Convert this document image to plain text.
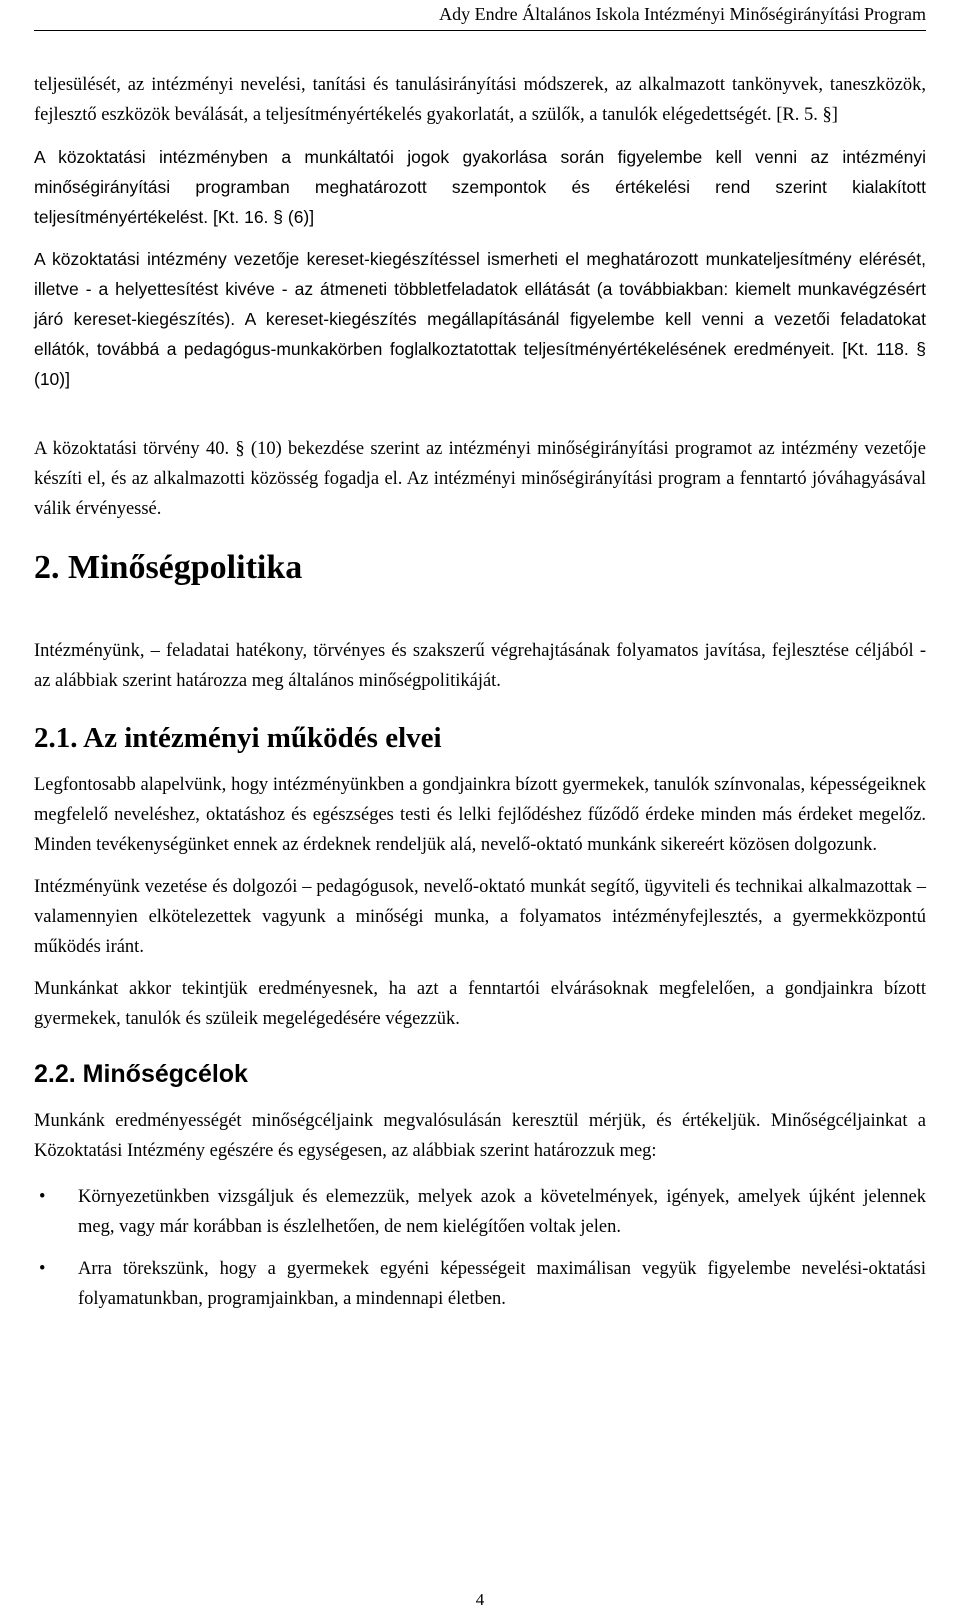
Ady Endre Általános Iskola Intézményi Minőségirányítási Program

teljesülését, az intézményi nevelési, tanítási és tanulásirányítási módszerek, az alkalmazott tankönyvek, taneszközök, fejlesztő eszközök beválását, a teljesítményértékelés gyakorlatát, a szülők, a tanulók elégedettségét. [R. 5. §]

A közoktatási intézményben a munkáltatói jogok gyakorlása során figyelembe kell venni az intézményi minőségirányítási programban meghatározott szempontok és értékelési rend szerint kialakított teljesítményértékelést. [Kt. 16. § (6)]

A közoktatási intézmény vezetője kereset-kiegészítéssel ismerheti el meghatározott munkateljesítmény elérését, illetve - a helyettesítést kivéve - az átmeneti többletfeladatok ellátását (a továbbiakban: kiemelt munkavégzésért járó kereset-kiegészítés). A kereset-kiegészítés megállapításánál figyelembe kell venni a vezetői feladatokat ellátók, továbbá a pedagógus-munkakörben foglalkoztatottak teljesítményértékelésének eredményeit. [Kt. 118. § (10)]

A közoktatási törvény 40. § (10) bekezdése szerint az intézményi minőségirányítási programot az intézmény vezetője készíti el, és az alkalmazotti közösség fogadja el. Az intézményi minőségirányítási program a fenntartó jóváhagyásával válik érvényessé.

2. Minőségpolitika

Intézményünk, – feladatai hatékony, törvényes és szakszerű végrehajtásának folyamatos javítása, fejlesztése céljából - az alábbiak szerint határozza meg általános minőségpolitikáját.

2.1. Az intézményi működés elvei

Legfontosabb alapelvünk, hogy intézményünkben a gondjainkra bízott gyermekek, tanulók színvonalas, képességeiknek megfelelő neveléshez, oktatáshoz és egészséges testi és lelki fejlődéshez fűződő érdeke minden más érdeket megelőz. Minden tevékenységünket ennek az érdeknek rendeljük alá, nevelő-oktató munkánk sikereért közösen dolgozunk.

Intézményünk vezetése és dolgozói – pedagógusok, nevelő-oktató munkát segítő, ügyviteli és technikai alkalmazottak – valamennyien elkötelezettek vagyunk a minőségi munka, a folyamatos intézményfejlesztés, a gyermekközpontú működés iránt.

Munkánkat akkor tekintjük eredményesnek, ha azt a fenntartói elvárásoknak megfelelően, a gondjainkra bízott gyermekek, tanulók és szüleik megelégedésére végezzük.

2.2. Minőségcélok

Munkánk eredményességét minőségcéljaink megvalósulásán keresztül mérjük, és értékeljük. Minőségcéljainkat a Közoktatási Intézmény egészére és egységesen, az alábbiak szerint határozzuk meg:

• Környezetünkben vizsgáljuk és elemezzük, melyek azok a követelmények, igények, amelyek újként jelennek meg, vagy már korábban is észlelhetően, de nem kielégítően voltak jelen.
• Arra törekszünk, hogy a gyermekek egyéni képességeit maximálisan vegyük figyelembe nevelési-oktatási folyamatunkban, programjainkban, a mindennapi életben.
4
